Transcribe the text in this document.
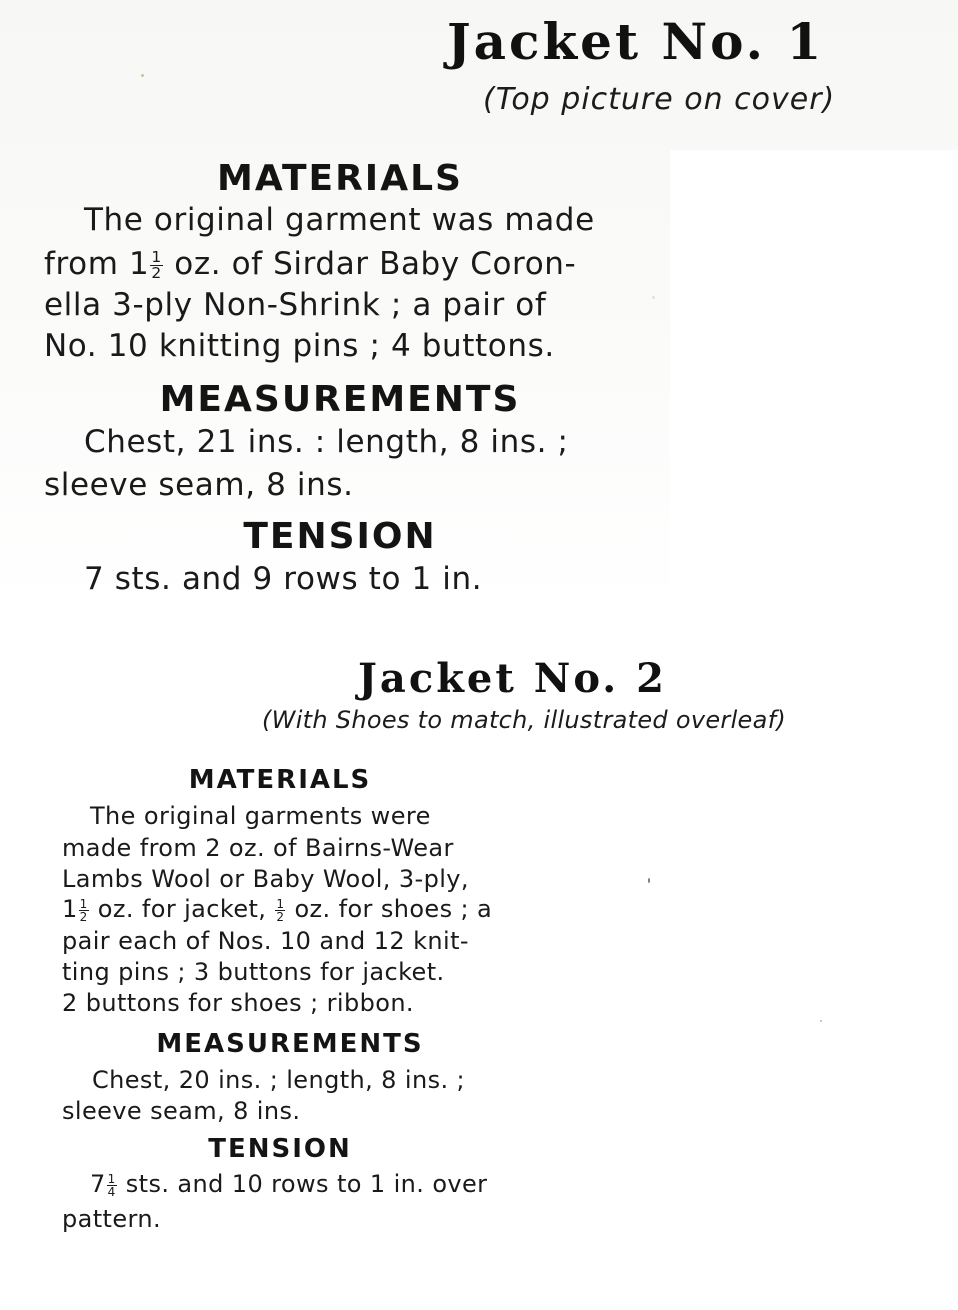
Jacket No. 1
(Top picture on cover)
MATERIALS
The original garment was made
from $1 \frac{1}{2}$ oz. of Sirdar Baby Coron-
ella 3-ply Non-Shrink ; a pair of
No. 10 knitting pins ; 4 buttons.
MEASUREMENTS
Chest, 21 ins. : length, 8 ins. ;
sleeve seam, 8 ins.
TENSION
7 sts. and 9 rows to 1 in.
Jacket No. 2
(With Shoes to match, illustrated overleaf)
MATERIALS
The original garments were
made from 2 oz. of Bairns-Wear
Lambs Wool or Baby Wool, 3-ply,
$1 \frac{1}{2}$ oz. for jacket, $\frac{1}{2}$ oz. for shoes ; a
pair each of Nos. 10 and 12 knit-
ting pins ; 3 buttons for jacket.
2 buttons for shoes ; ribbon.
MEASUREMENTS
Chest, 20 ins. ; length, 8 ins. ;
sleeve seam, 8 ins.
TENSION
$7 \frac{1}{4}$ sts. and 10 rows to 1 in. over
pattern.
